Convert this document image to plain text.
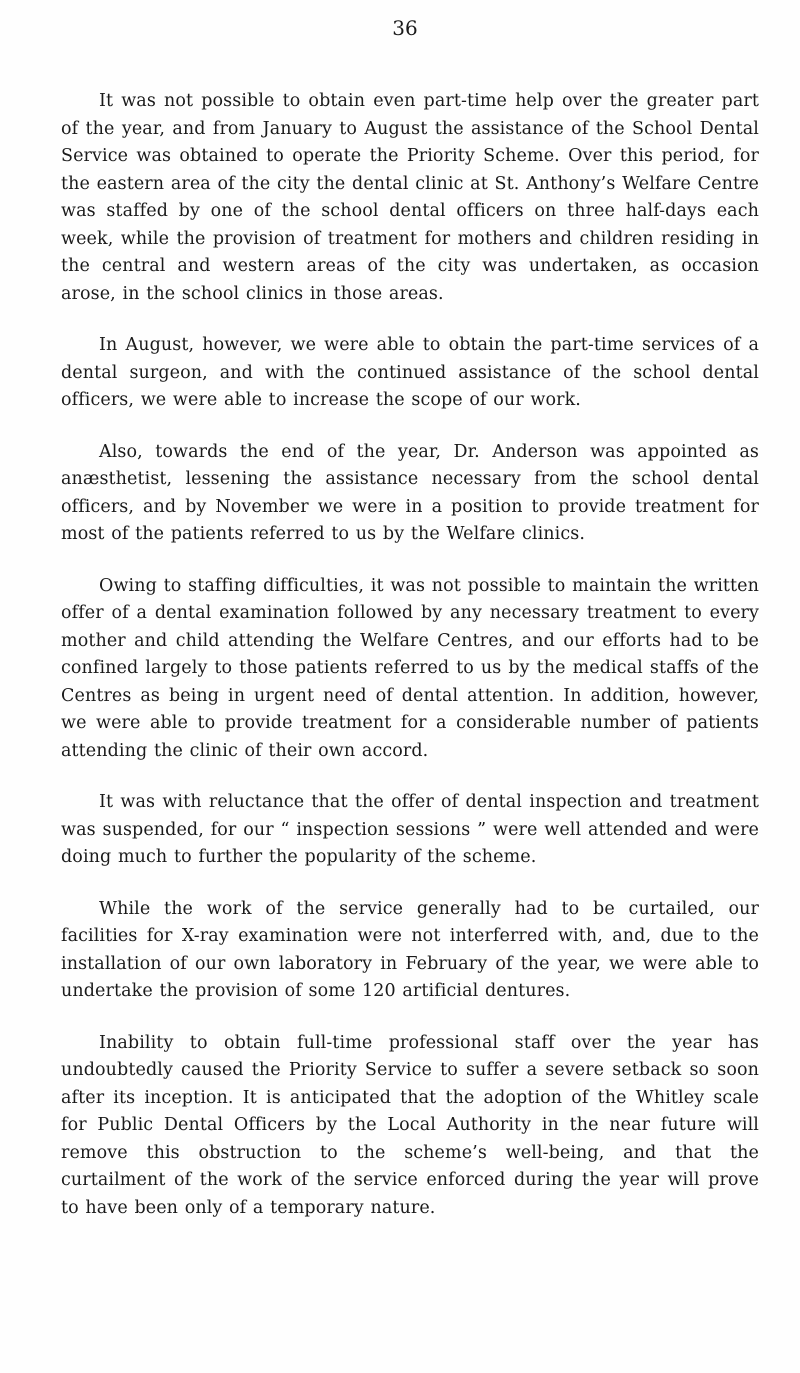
36

It was not possible to obtain even part-time help over the greater part of the year, and from January to August the assistance of the School Dental Service was obtained to operate the Priority Scheme. Over this period, for the eastern area of the city the dental clinic at St. Anthony’s Welfare Centre was staffed by one of the school dental officers on three half-days each week, while the provision of treatment for mothers and children residing in the central and western areas of the city was undertaken, as occasion arose, in the school clinics in those areas.

In August, however, we were able to obtain the part-time services of a dental surgeon, and with the continued assistance of the school dental officers, we were able to increase the scope of our work.

Also, towards the end of the year, Dr. Anderson was appointed as anæsthetist, lessening the assistance necessary from the school dental officers, and by November we were in a position to provide treatment for most of the patients referred to us by the Welfare clinics.

Owing to staffing difficulties, it was not possible to maintain the written offer of a dental examination followed by any necessary treatment to every mother and child attending the Welfare Centres, and our efforts had to be confined largely to those patients referred to us by the medical staffs of the Centres as being in urgent need of dental attention. In addition, however, we were able to provide treatment for a considerable number of patients attending the clinic of their own accord.

It was with reluctance that the offer of dental inspection and treatment was suspended, for our “ inspection sessions ” were well attended and were doing much to further the popularity of the scheme.

While the work of the service generally had to be curtailed, our facilities for X-ray examination were not interferred with, and, due to the installation of our own laboratory in February of the year, we were able to undertake the provision of some 120 artificial dentures.

Inability to obtain full-time professional staff over the year has undoubtedly caused the Priority Service to suffer a severe setback so soon after its inception. It is anticipated that the adoption of the Whitley scale for Public Dental Officers by the Local Authority in the near future will remove this obstruction to the scheme’s well-being, and that the curtailment of the work of the service enforced during the year will prove to have been only of a temporary nature.
